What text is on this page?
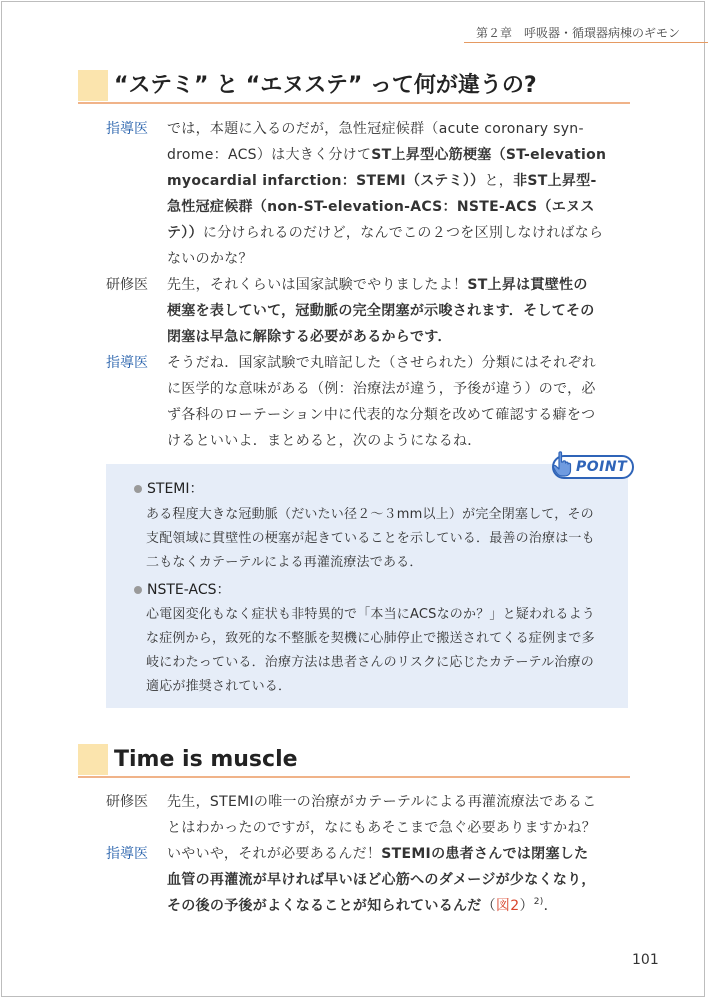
第２章　呼吸器・循環器病棟のギモン
“ステミ” と “エヌステ” って何が違うの?
指導医
研修医
指導医
では，本題に入るのだが，急性冠症候群（acute coronary syn-
drome：ACS）は大きく分けてST上昇型心筋梗塞（ST-elevation
myocardial infarction：STEMI（ステミ））と，非ST上昇型-
急性冠症候群（non-ST-elevation-ACS：NSTE-ACS（エヌス
テ））に分けられるのだけど，なんでこの２つを区別しなければなら
ないのかな？
先生，それくらいは国家試験でやりましたよ！ST上昇は貫壁性の
梗塞を表していて，冠動脈の完全閉塞が示唆されます．そしてその
閉塞は早急に解除する必要があるからです．
そうだね．国家試験で丸暗記した（させられた）分類にはそれぞれ
に医学的な意味がある（例：治療法が違う，予後が違う）ので，必
ず各科のローテーション中に代表的な分類を改めて確認する癖をつ
けるといいよ．まとめると，次のようになるね．
POINT
STEMI：
ある程度大きな冠動脈（だいたい径２〜３mm以上）が完全閉塞して，その
支配領域に貫壁性の梗塞が起きていることを示している．最善の治療は一も
二もなくカテーテルによる再灌流療法である．
NSTE-ACS：
心電図変化もなく症状も非特異的で「本当にACSなのか？」と疑われるよう
な症例から，致死的な不整脈を契機に心肺停止で搬送されてくる症例まで多
岐にわたっている．治療方法は患者さんのリスクに応じたカテーテル治療の
適応が推奨されている．
Time is muscle
研修医
指導医
先生，STEMIの唯一の治療がカテーテルによる再灌流療法であるこ
とはわかったのですが，なにもあそこまで急ぐ必要ありますかね？
いやいや，それが必要あるんだ！STEMIの患者さんでは閉塞した
血管の再灌流が早ければ早いほど心筋へのダメージが少なくなり，
その後の予後がよくなることが知られているんだ（図2）$^{2)}$．
101
